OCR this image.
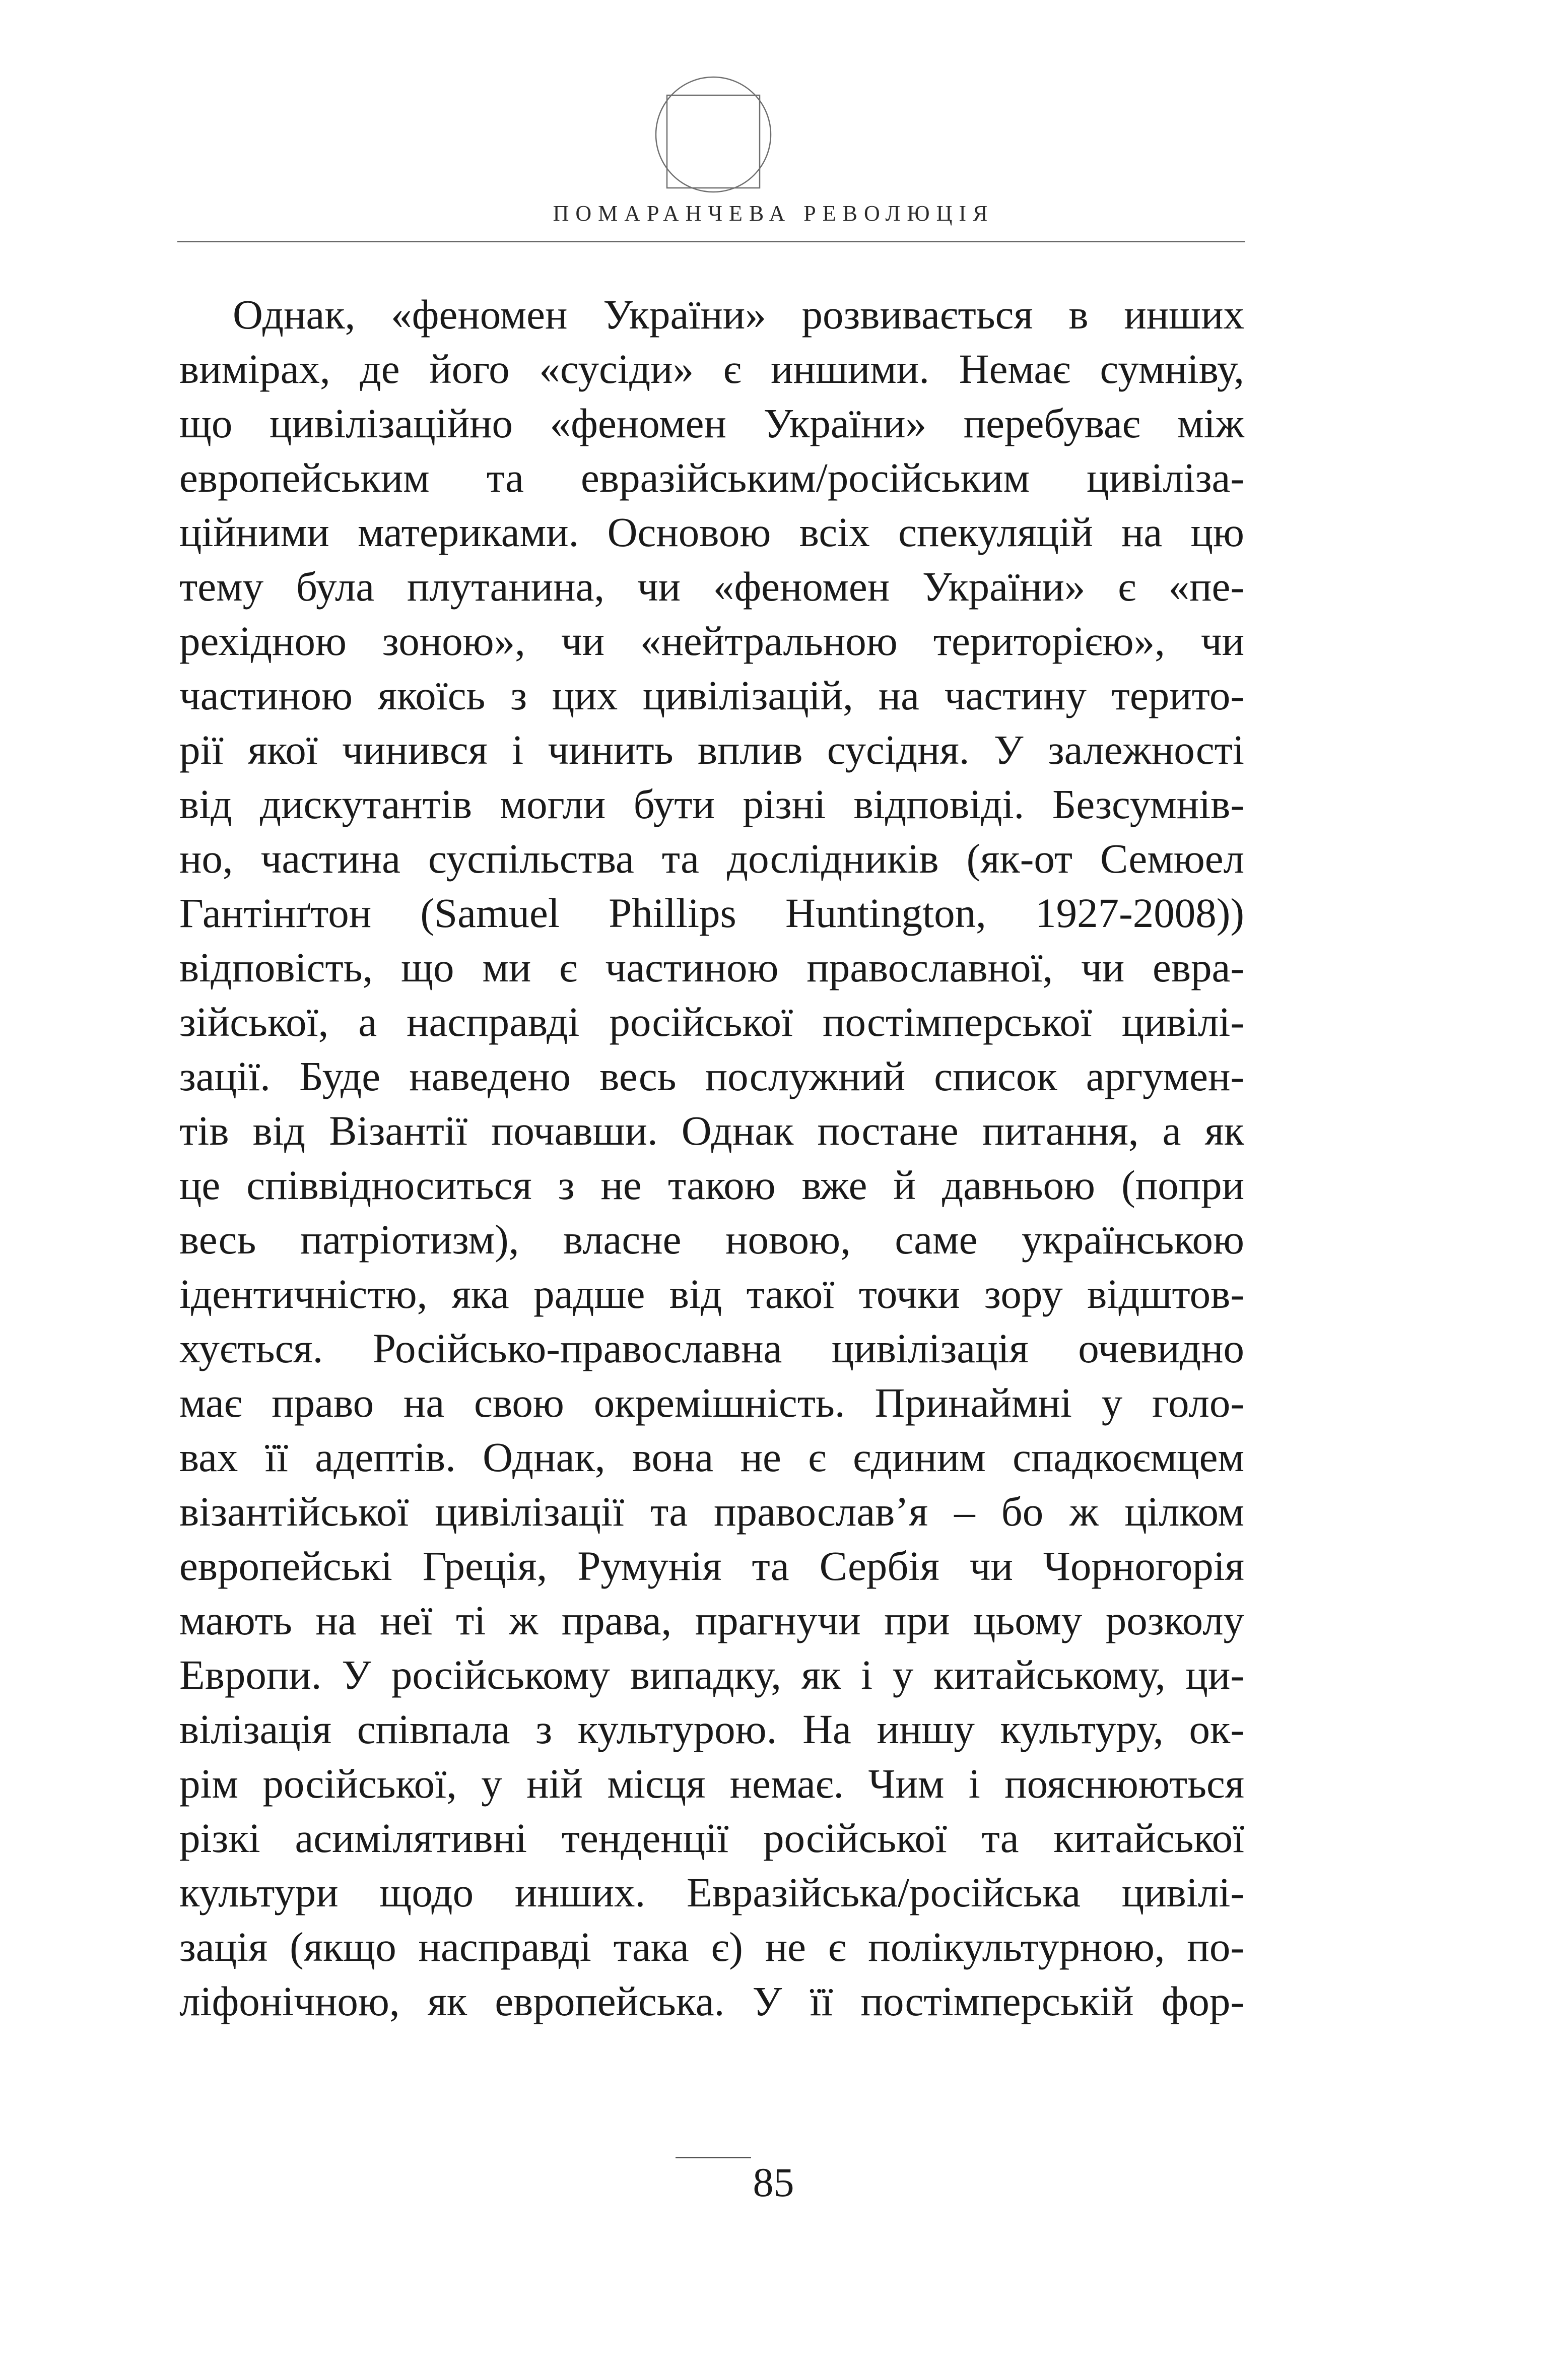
ПОМАРАНЧЕВА РЕВОЛЮЦІЯ
Однак, «феномен України» розвивається в инших
вимірах, де його «сусіди» є иншими. Немає сумніву,
що цивілізаційно «феномен України» перебуває між
европейським та евразійським/російським цивіліза-
ційними материками. Основою всіх спекуляцій на цю
тему була плутанина, чи «феномен України» є «пе-
рехідною зоною», чи «нейтральною територією», чи
частиною якоїсь з цих цивілізацій, на частину терито-
рії якої чинився і чинить вплив сусідня. У залежності
від дискутантів могли бути різні відповіді. Безсумнів-
но, частина суспільства та дослідників (як-от Семюел
Гантінґтон (Samuel Phillips Huntington, 1927-2008))
відповість, що ми є частиною православної, чи евра-
зійської, а насправді російської постімперської цивілі-
зації. Буде наведено весь послужний список аргумен-
тів від Візантії почавши. Однак постане питання, а як
це співвідноситься з не такою вже й давньою (попри
весь патріотизм), власне новою, саме українською
ідентичністю, яка радше від такої точки зору відштов-
хується. Російсько-православна цивілізація очевидно
має право на свою окремішність. Принаймні у голо-
вах її адептів. Однак, вона не є єдиним спадкоємцем
візантійської цивілізації та православ’я – бо ж цілком
европейські Греція, Румунія та Сербія чи Чорногорія
мають на неї ті ж права, прагнучи при цьому розколу
Европи. У російському випадку, як і у китайському, ци-
вілізація співпала з культурою. На иншу культуру, ок-
рім російської, у ній місця немає. Чим і пояснюються
різкі асимілятивні тенденції російської та китайської
культури щодо инших. Евразійська/російська цивілі-
зація (якщо насправді така є) не є полікультурною, по-
ліфонічною, як европейська. У її постімперській фор-
85
